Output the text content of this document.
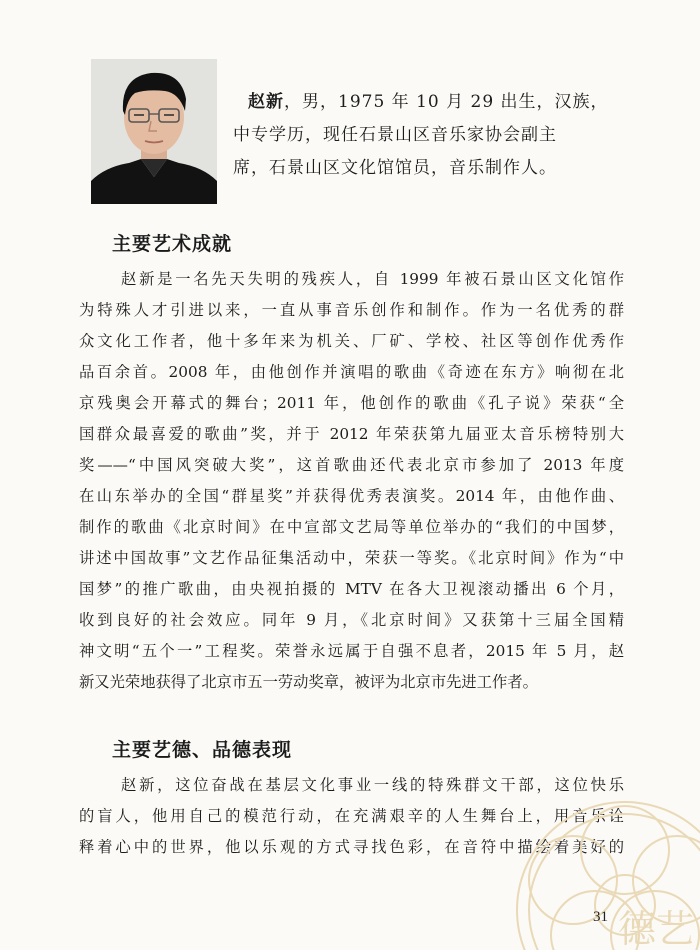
赵新，男，1975 年 10 月 29 出生，汉族，
中专学历，现任石景山区音乐家协会副主
席，石景山区文化馆馆员，音乐制作人。
主要艺术成就
赵新是一名先天失明的残疾人，自 1999 年被石景山区文化馆作
为特殊人才引进以来，一直从事音乐创作和制作。作为一名优秀的群
众文化工作者，他十多年来为机关、厂矿、学校、社区等创作优秀作
品百余首。2008 年，由他创作并演唱的歌曲《奇迹在东方》响彻在北
京残奥会开幕式的舞台；2011 年，他创作的歌曲《孔子说》荣获“全
国群众最喜爱的歌曲”奖，并于 2012 年荣获第九届亚太音乐榜特别大
奖——“中国风突破大奖”，这首歌曲还代表北京市参加了 2013 年度
在山东举办的全国“群星奖”并获得优秀表演奖。2014 年，由他作曲、
制作的歌曲《北京时间》在中宣部文艺局等单位举办的“我们的中国梦，
讲述中国故事”文艺作品征集活动中，荣获一等奖。《北京时间》作为“中
国梦”的推广歌曲，由央视拍摄的 MTV 在各大卫视滚动播出 6 个月，
收到良好的社会效应。同年 9 月，《北京时间》又获第十三届全国精
神文明“五个一”工程奖。荣誉永远属于自强不息者，2015 年 5 月，赵
新又光荣地获得了北京市五一劳动奖章，被评为北京市先进工作者。
主要艺德、品德表现
赵新，这位奋战在基层文化事业一线的特殊群文干部，这位快乐
的盲人，他用自己的模范行动，在充满艰辛的人生舞台上，用音乐诠
释着心中的世界，他以乐观的方式寻找色彩，在音符中描绘着美好的
德艺
31
